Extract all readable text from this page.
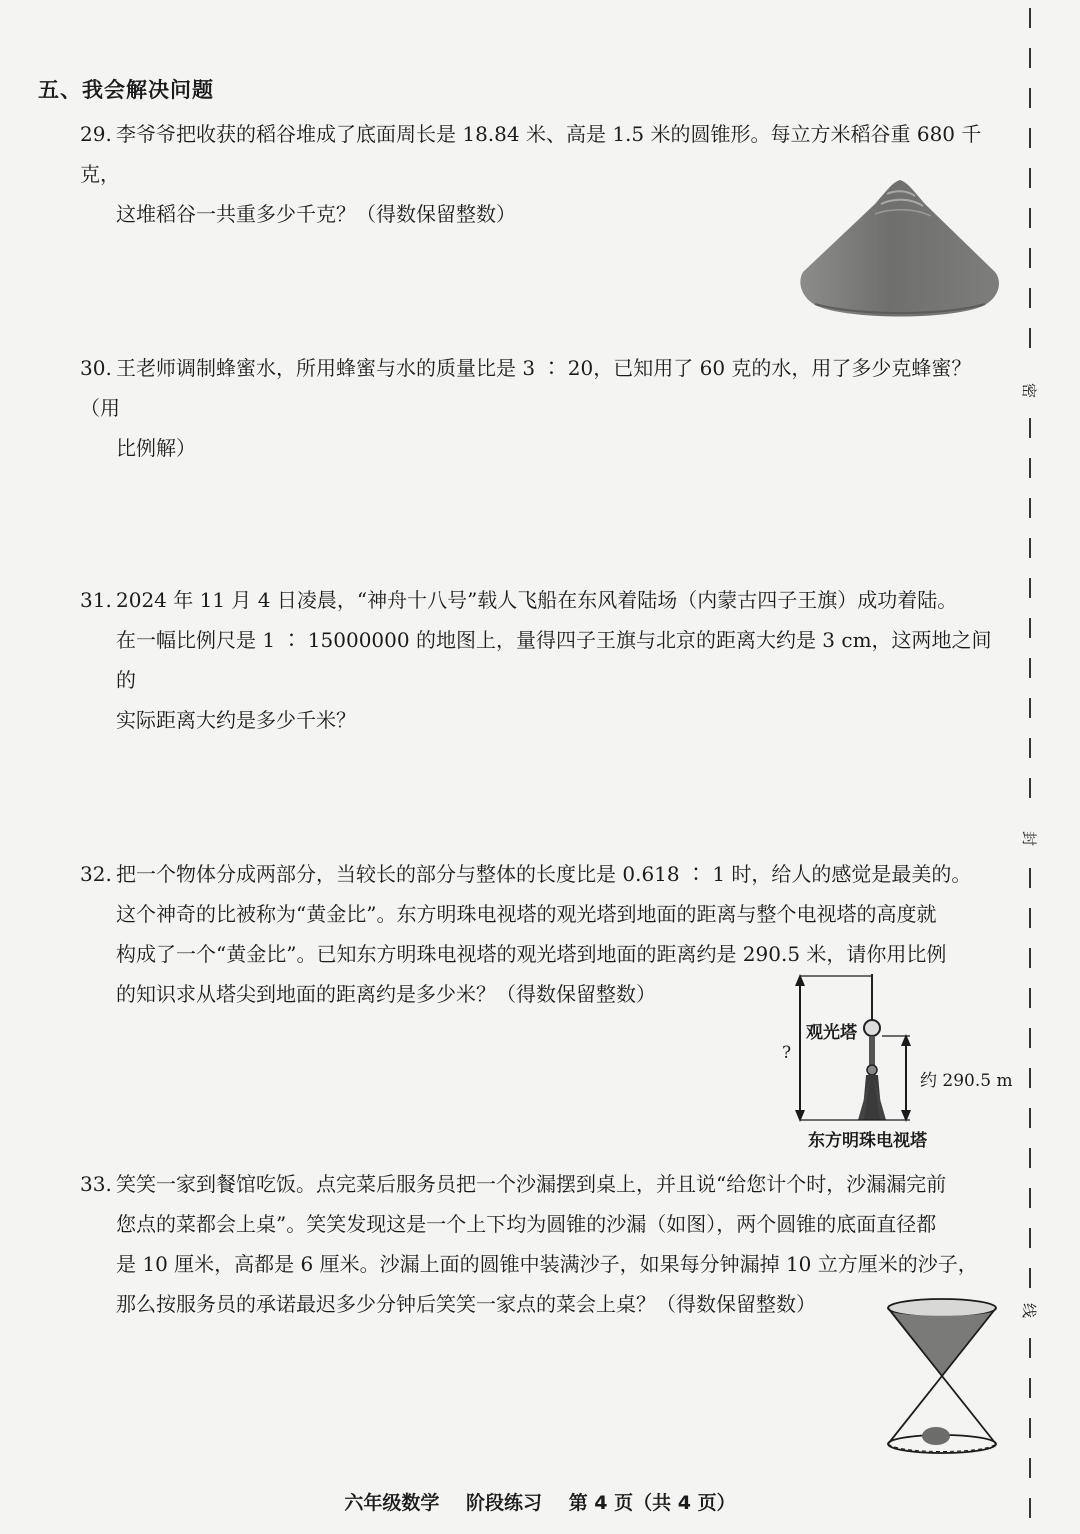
五、我会解决问题

29. 李爷爷把收获的稻谷堆成了底面周长是 18.84 米、高是 1.5 米的圆锥形。每立方米稻谷重 680 千克，

这堆稻谷一共重多少千克？（得数保留整数）

30. 王老师调制蜂蜜水，所用蜂蜜与水的质量比是 3 ∶ 20，已知用了 60 克的水，用了多少克蜂蜜？（用

比例解）

31. 2024 年 11 月 4 日凌晨，“神舟十八号”载人飞船在东风着陆场（内蒙古四子王旗）成功着陆。

在一幅比例尺是 1 ∶ 15000000 的地图上，量得四子王旗与北京的距离大约是 3 cm，这两地之间的

实际距离大约是多少千米？

32. 把一个物体分成两部分，当较长的部分与整体的长度比是 0.618 ∶ 1 时，给人的感觉是最美的。

这个神奇的比被称为“黄金比”。东方明珠电视塔的观光塔到地面的距离与整个电视塔的高度就

构成了一个“黄金比”。已知东方明珠电视塔的观光塔到地面的距离约是 290.5 米，请你用比例

的知识求从塔尖到地面的距离约是多少米？（得数保留整数）

?
观光塔
约 290.5 m
东方明珠电视塔

33. 笑笑一家到餐馆吃饭。点完菜后服务员把一个沙漏摆到桌上，并且说“给您计个时，沙漏漏完前

您点的菜都会上桌”。笑笑发现这是一个上下均为圆锥的沙漏（如图），两个圆锥的底面直径都

是 10 厘米，高都是 6 厘米。沙漏上面的圆锥中装满沙子，如果每分钟漏掉 10 立方厘米的沙子，

那么按服务员的承诺最迟多少分钟后笑笑一家点的菜会上桌？（得数保留整数）

六年级数学 阶段练习 第 4 页（共 4 页）
密
封
线
